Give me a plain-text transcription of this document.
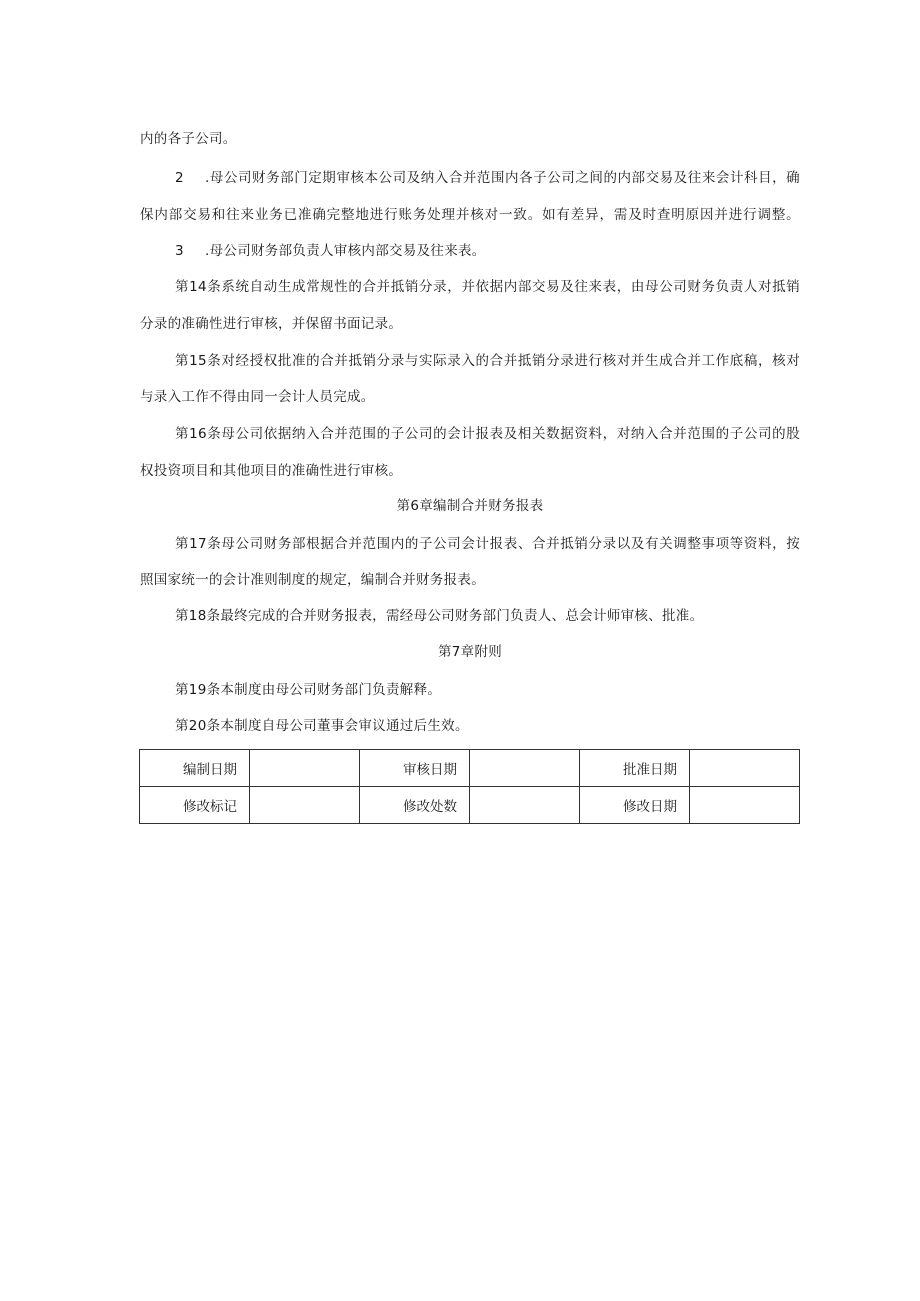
内的各子公司。
2 .母公司财务部门定期审核本公司及纳入合并范围内各子公司之间的内部交易及往来会计科目，确
保内部交易和往来业务已准确完整地进行账务处理并核对一致。如有差异，需及时查明原因并进行调整。
3 .母公司财务部负责人审核内部交易及往来表。
第14条系统自动生成常规性的合并抵销分录，并依据内部交易及往来表，由母公司财务负责人对抵销
分录的准确性进行审核，并保留书面记录。
第15条对经授权批准的合并抵销分录与实际录入的合并抵销分录进行核对并生成合并工作底稿，核对
与录入工作不得由同一会计人员完成。
第16条母公司依据纳入合并范围的子公司的会计报表及相关数据资料，对纳入合并范围的子公司的股
权投资项目和其他项目的准确性进行审核。
第6章编制合并财务报表
第17条母公司财务部根据合并范围内的子公司会计报表、合并抵销分录以及有关调整事项等资料，按
照国家统一的会计准则制度的规定，编制合并财务报表。
第18条最终完成的合并财务报表，需经母公司财务部门负责人、总会计师审核、批准。
第7章附则
第19条本制度由母公司财务部门负责解释。
第20条本制度自母公司董事会审议通过后生效。
编制日期		审核日期		批准日期	
修改标记		修改处数		修改日期	
